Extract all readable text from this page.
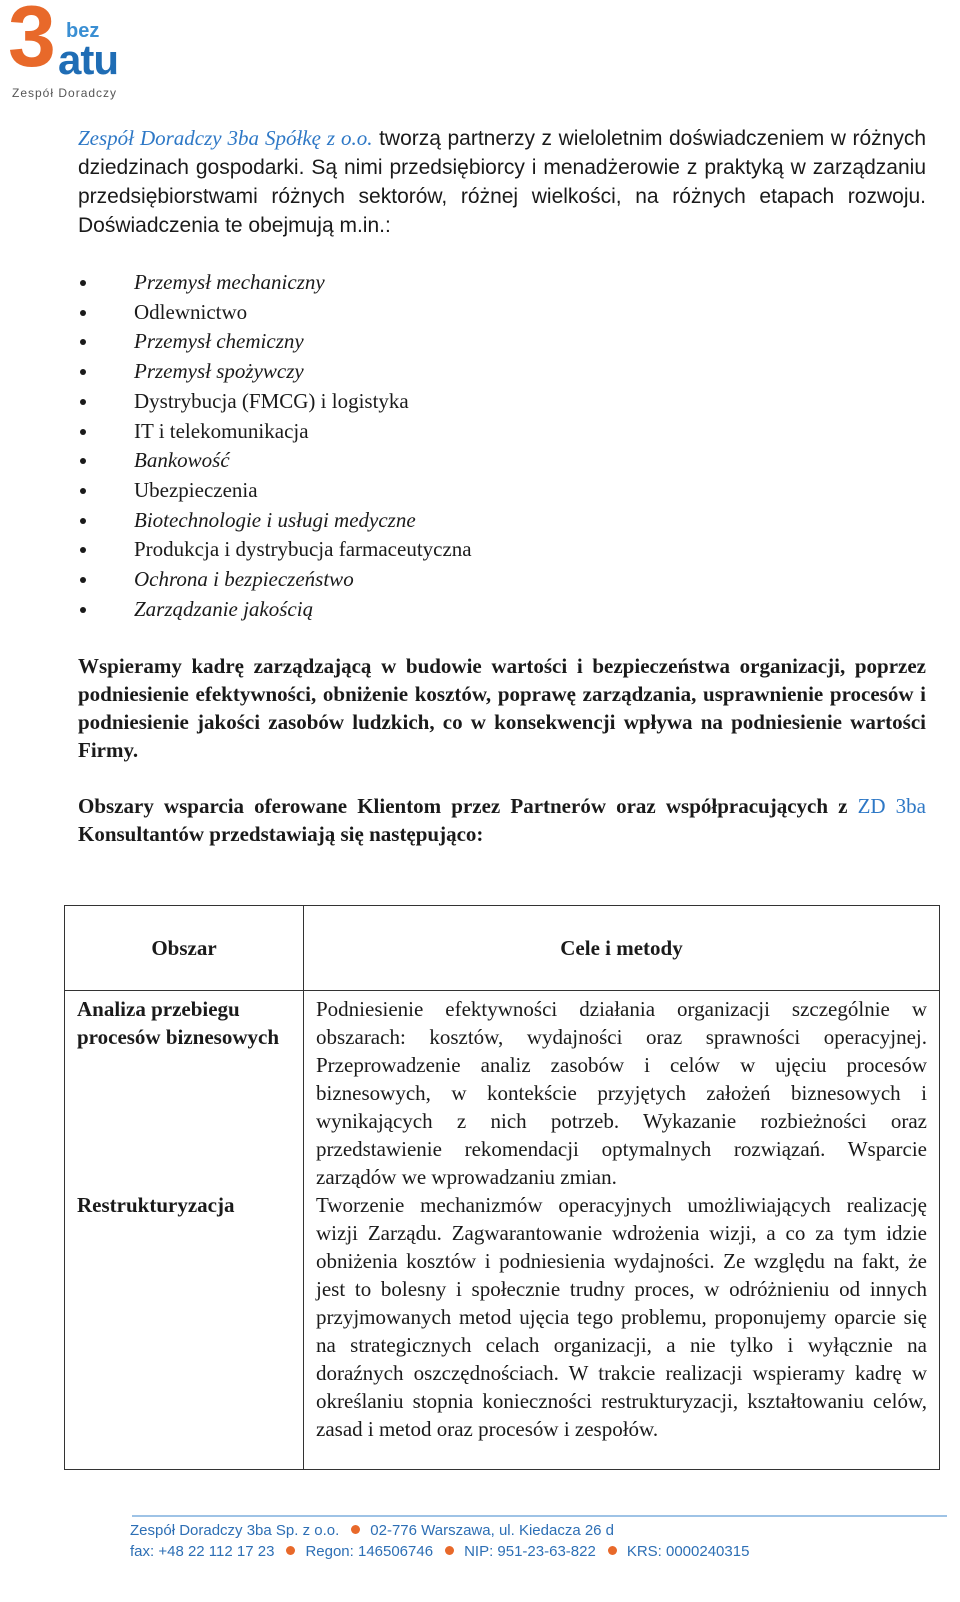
3 bez
atu
Zespół Doradczy

Zespół Doradczy 3ba Spółkę z o.o. tworzą partnerzy z wieloletnim doświadczeniem w różnych dziedzinach gospodarki. Są nimi przedsiębiorcy i menadżerowie z praktyką w zarządzaniu przedsiębiorstwami różnych sektorów, różnej wielkości, na różnych etapach rozwoju. Doświadczenia te obejmują m.in.:

Przemysł mechaniczny
Odlewnictwo
Przemysł chemiczny
Przemysł spożywczy
Dystrybucja (FMCG) i logistyka
IT i telekomunikacja
Bankowość
Ubezpieczenia
Biotechnologie i usługi medyczne
Produkcja i dystrybucja farmaceutyczna
Ochrona i bezpieczeństwo
Zarządzanie jakością

Wspieramy kadrę zarządzającą w budowie wartości i bezpieczeństwa organizacji, poprzez podniesienie efektywności, obniżenie kosztów, poprawę zarządzania, usprawnienie procesów i podniesienie jakości zasobów ludzkich, co w konsekwencji wpływa na podniesienie wartości Firmy.

Obszary wsparcia oferowane Klientom przez Partnerów oraz współpracujących z ZD 3ba Konsultantów przedstawiają się następująco:

Obszar	Cele i metody
Analiza przebiegu procesów biznesowych	Podniesienie efektywności działania organizacji szczególnie w obszarach: kosztów, wydajności oraz sprawności operacyjnej. Przeprowadzenie analiz zasobów i celów w ujęciu procesów biznesowych, w kontekście przyjętych założeń biznesowych i wynikających z nich potrzeb. Wykazanie rozbieżności oraz przedstawienie rekomendacji optymalnych rozwiązań. Wsparcie zarządów we wprowadzaniu zmian.
Restrukturyzacja	Tworzenie mechanizmów operacyjnych umożliwiających realizację wizji Zarządu. Zagwarantowanie wdrożenia wizji, a co za tym idzie obniżenia kosztów i podniesienia wydajności. Ze względu na fakt, że jest to bolesny i społecznie trudny proces, w odróżnieniu od innych przyjmowanych metod ujęcia tego problemu, proponujemy oparcie się na strategicznych celach organizacji, a nie tylko i wyłącznie na doraźnych oszczędnościach. W trakcie realizacji wspieramy kadrę w określaniu stopnia konieczności restrukturyzacji, kształtowaniu celów, zasad i metod oraz procesów i zespołów.
Zespół Doradczy 3ba Sp. z o.o. 02-776 Warszawa, ul. Kiedacza 26 d
fax: +48 22 112 17 23 Regon: 146506746 NIP: 951-23-63-822 KRS: 0000240315
